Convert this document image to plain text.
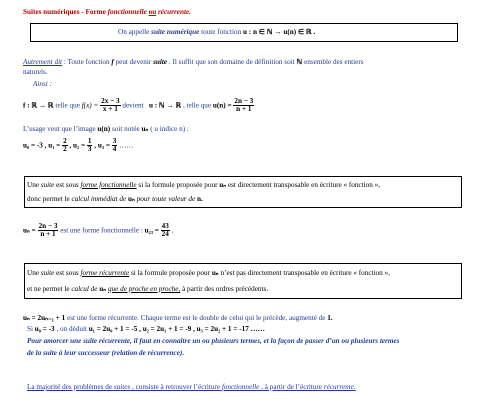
Suites numériques - Forme fonctionnelle ou récurrente.
On appelle suite numérique toute fonction u : n ∈ ℕ → u(n) ∈ ℝ .
Autrement dit : Toute fonction f peut devenir suite . Il suffit que son domaine de définition soit ℕ ensemble des entiers
naturels.
Ainsi :
f : ℝ → ℝ telle que $f(x) = \frac{2x - 3}{x + 1}$ devient u : ℕ → ℝ , telle que $u(n) = \frac{2n - 3}{n + 1}$
L’usage veut que l’image u(n) soit notée uₙ ( u indice n) :
u₀ = -3 , $u_1 = \frac{2}{2}$ , $u_2 = \frac{1}{3}$ , $u_3 = \frac{3}{4}$ ……
Une suite est sous forme fonctionnelle si la formule proposée pour uₙ est directement transposable en écriture « fonction »,
donc permet le calcul immédiat de uₙ pour toute valeur de n.
$u_n = \frac{2n - 3}{n + 1}$ est une forme fonctionnelle : $u_{23} = \frac{43}{24}$ .
Une suite est sous forme récurrente si la formule proposée pour uₙ n’est pas directement transposable en écriture « fonction »,
et ne permet le calcul de uₙ que de proche en proche, à partir des ordres précédents.
uₙ = 2uₙ₋₁ + 1 est une forme récurrente. Chaque terme est le double de celui qui le précède, augmenté de 1.
Si u₀ = -3 , on déduit u₁ = 2u₀ + 1 = -5 , u₂ = 2u₁ + 1 = -9 , u₃ = 2u₂ + 1 = -17 ……
Pour amorcer une suite récurrente, il faut en connaître un ou plusieurs termes, et la façon de passer d’un ou plusieurs termes
de la suite à leur successeur (relation de récurrence).
La majorité des problèmes de suites , consiste à retrouver l’écriture fonctionnelle , à partir de l’écriture récurrente.
